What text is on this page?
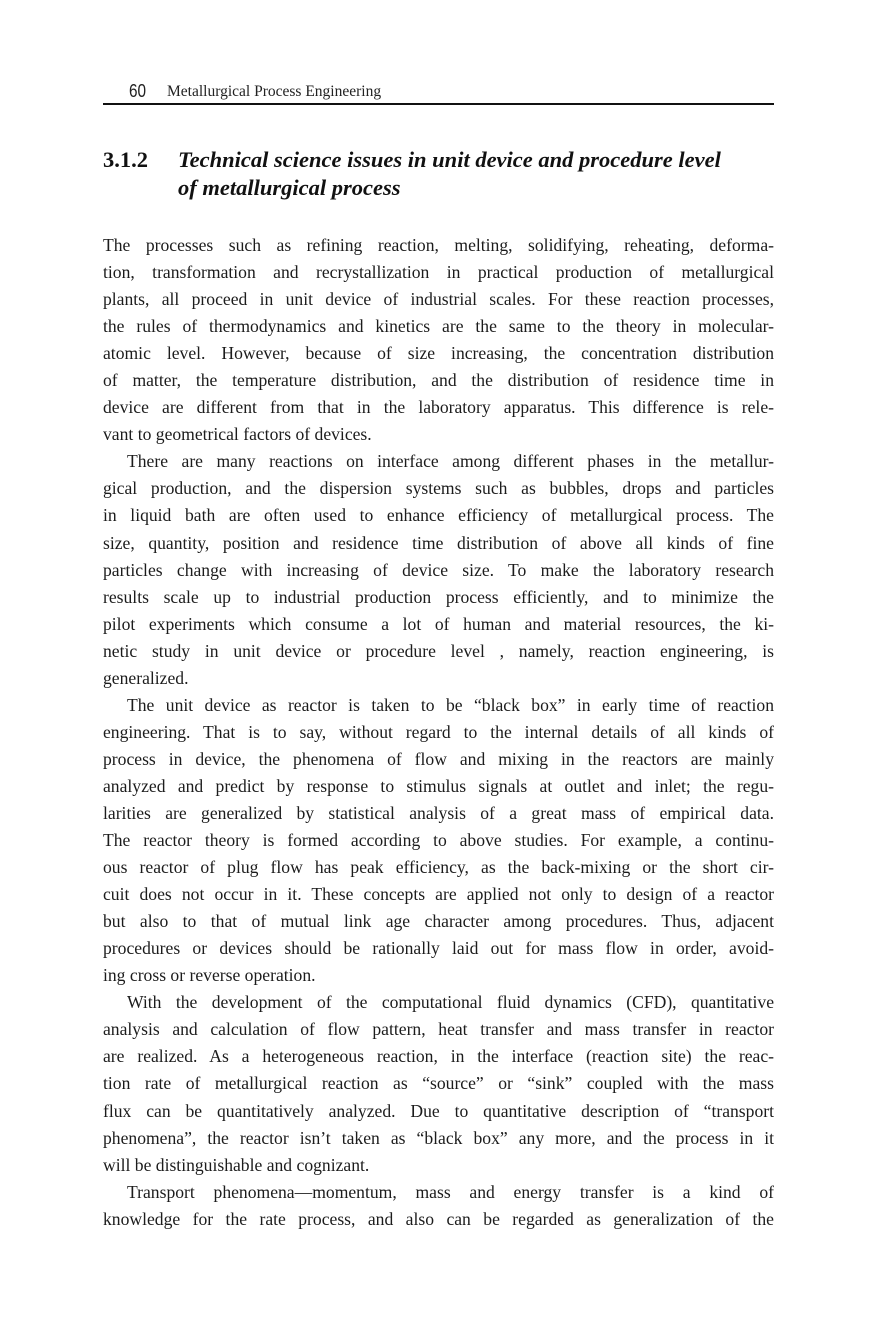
60 Metallurgical Process Engineering
3.1.2 Technical science issues in unit device and procedure level
of metallurgical process
The processes such as refining reaction, melting, solidifying, reheating, deforma-
tion, transformation and recrystallization in practical production of metallurgical
plants, all proceed in unit device of industrial scales. For these reaction processes,
the rules of thermodynamics and kinetics are the same to the theory in molecular-
atomic level. However, because of size increasing, the concentration distribution
of matter, the temperature distribution, and the distribution of residence time in
device are different from that in the laboratory apparatus. This difference is rele-
vant to geometrical factors of devices.
There are many reactions on interface among different phases in the metallur-
gical production, and the dispersion systems such as bubbles, drops and particles
in liquid bath are often used to enhance efficiency of metallurgical process. The
size, quantity, position and residence time distribution of above all kinds of fine
particles change with increasing of device size. To make the laboratory research
results scale up to industrial production process efficiently, and to minimize the
pilot experiments which consume a lot of human and material resources, the ki-
netic study in unit device or procedure level , namely, reaction engineering, is
generalized.
The unit device as reactor is taken to be “black box” in early time of reaction
engineering. That is to say, without regard to the internal details of all kinds of
process in device, the phenomena of flow and mixing in the reactors are mainly
analyzed and predict by response to stimulus signals at outlet and inlet; the regu-
larities are generalized by statistical analysis of a great mass of empirical data.
The reactor theory is formed according to above studies. For example, a continu-
ous reactor of plug flow has peak efficiency, as the back-mixing or the short cir-
cuit does not occur in it. These concepts are applied not only to design of a reactor
but also to that of mutual link age character among procedures. Thus, adjacent
procedures or devices should be rationally laid out for mass flow in order, avoid-
ing cross or reverse operation.
With the development of the computational fluid dynamics (CFD), quantitative
analysis and calculation of flow pattern, heat transfer and mass transfer in reactor
are realized. As a heterogeneous reaction, in the interface (reaction site) the reac-
tion rate of metallurgical reaction as “source” or “sink” coupled with the mass
flux can be quantitatively analyzed. Due to quantitative description of “transport
phenomena”, the reactor isn’t taken as “black box” any more, and the process in it
will be distinguishable and cognizant.
Transport phenomena—momentum, mass and energy transfer is a kind of
knowledge for the rate process, and also can be regarded as generalization of the
